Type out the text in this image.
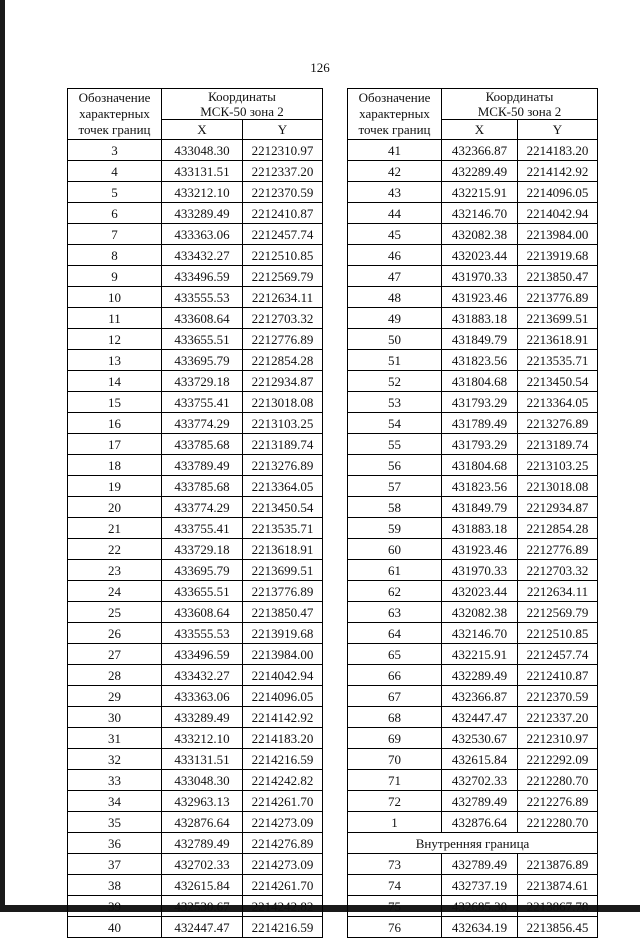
126
Обозначение
характерных
точек границ	Координаты
МСК-50 зона 2	
	X	Y
3	433048.30	2212310.97
4	433131.51	2212337.20
5	433212.10	2212370.59
6	433289.49	2212410.87
7	433363.06	2212457.74
8	433432.27	2212510.85
9	433496.59	2212569.79
10	433555.53	2212634.11
11	433608.64	2212703.32
12	433655.51	2212776.89
13	433695.79	2212854.28
14	433729.18	2212934.87
15	433755.41	2213018.08
16	433774.29	2213103.25
17	433785.68	2213189.74
18	433789.49	2213276.89
19	433785.68	2213364.05
20	433774.29	2213450.54
21	433755.41	2213535.71
22	433729.18	2213618.91
23	433695.79	2213699.51
24	433655.51	2213776.89
25	433608.64	2213850.47
26	433555.53	2213919.68
27	433496.59	2213984.00
28	433432.27	2214042.94
29	433363.06	2214096.05
30	433289.49	2214142.92
31	433212.10	2214183.20
32	433131.51	2214216.59
33	433048.30	2214242.82
34	432963.13	2214261.70
35	432876.64	2214273.09
36	432789.49	2214276.89
37	432702.33	2214273.09
38	432615.84	2214261.70
39	432530.67	2214242.82
40	432447.47	2214216.59
Обозначение
характерных
точек границ	Координаты
МСК-50 зона 2	
	X	Y
41	432366.87	2214183.20
42	432289.49	2214142.92
43	432215.91	2214096.05
44	432146.70	2214042.94
45	432082.38	2213984.00
46	432023.44	2213919.68
47	431970.33	2213850.47
48	431923.46	2213776.89
49	431883.18	2213699.51
50	431849.79	2213618.91
51	431823.56	2213535.71
52	431804.68	2213450.54
53	431793.29	2213364.05
54	431789.49	2213276.89
55	431793.29	2213189.74
56	431804.68	2213103.25
57	431823.56	2213018.08
58	431849.79	2212934.87
59	431883.18	2212854.28
60	431923.46	2212776.89
61	431970.33	2212703.32
62	432023.44	2212634.11
63	432082.38	2212569.79
64	432146.70	2212510.85
65	432215.91	2212457.74
66	432289.49	2212410.87
67	432366.87	2212370.59
68	432447.47	2212337.20
69	432530.67	2212310.97
70	432615.84	2212292.09
71	432702.33	2212280.70
72	432789.49	2212276.89
1	432876.64	2212280.70
Внутренняя граница		
73	432789.49	2213876.89
74	432737.19	2213874.61
75	432685.30	2213867.78
76	432634.19	2213856.45
